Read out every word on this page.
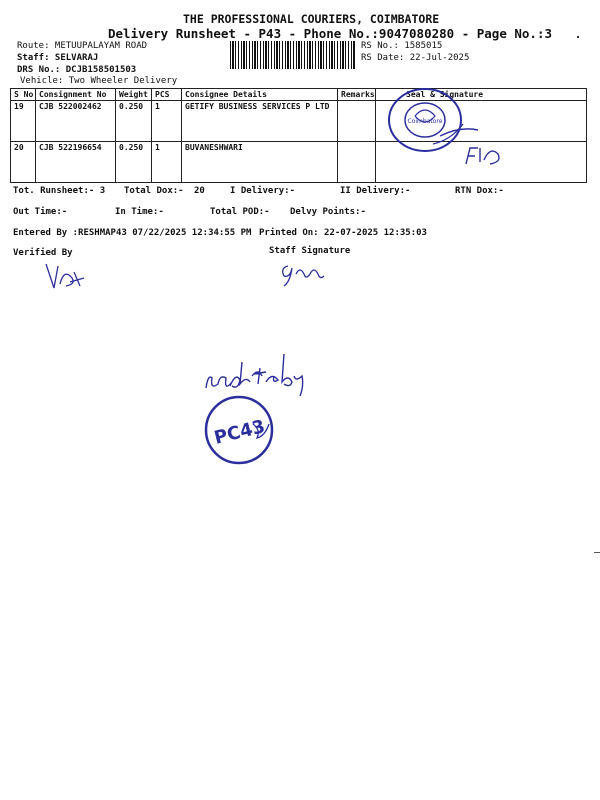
THE PROFESSIONAL COURIERS, COIMBATORE
Delivery Runsheet - P43 - Phone No.:9047080280 - Page No.:3
Route: METUUPALAYAM ROAD
Staff: SELVARAJ
DRS No.: DCJB158501503
Vehicle: Two Wheeler Delivery
RS No.: 1585015
RS Date: 22-Jul-2025
S No	Consignment No	Weight	PCS	Consignee Details	Remarks	Seal & Signature
19	CJB 522002462	0.250	1	GETIFY BUSINESS SERVICES P LTD		
20	CJB 522196654	0.250	1	BUVANESHWARI		
Coimbatore
Tot. Runsheet:- 3 Total Dox:- 20	I Delivery:-	II Delivery:-	RTN Dox:-
Out Time:-	In Time:-	Total POD:- Delvy Points:-
Entered By :RESHMAP43 07/22/2025 12:34:55 PM Printed On: 22-07-2025 12:35:03
Verified By	Staff Signature
PC43
